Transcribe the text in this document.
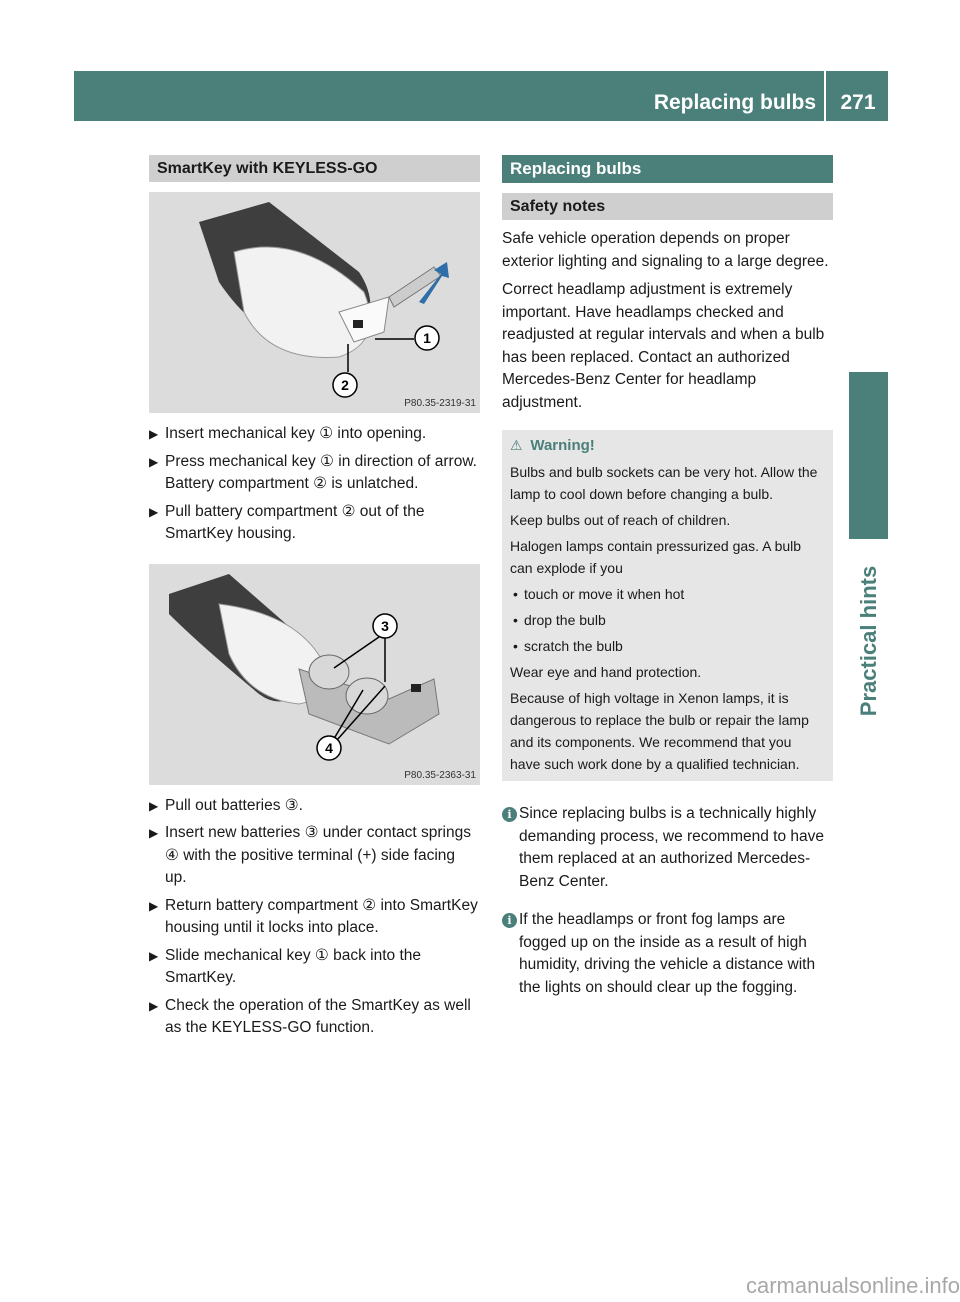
Replacing bulbs	271
Practical hints
SmartKey with KEYLESS-GO
1
2
P80.35-2319-31
▶ Insert mechanical key ① into opening.
▶ Press mechanical key ① in direction of arrow.
Battery compartment ② is unlatched.
▶ Pull battery compartment ② out of the SmartKey housing.
3
4
P80.35-2363-31
▶ Pull out batteries ③.
▶ Insert new batteries ③ under contact springs ④ with the positive terminal (+) side facing up.
▶ Return battery compartment ② into SmartKey housing until it locks into place.
▶ Slide mechanical key ① back into the SmartKey.
▶ Check the operation of the SmartKey as well as the KEYLESS-GO function.
Replacing bulbs
Safety notes

Safe vehicle operation depends on proper exterior lighting and signaling to a large degree.

Correct headlamp adjustment is extremely important. Have headlamps checked and readjusted at regular intervals and when a bulb has been replaced. Contact an authorized Mercedes-Benz Center for headlamp adjustment.

⚠ Warning!

Bulbs and bulb sockets can be very hot. Allow the lamp to cool down before changing a bulb.

Keep bulbs out of reach of children.

Halogen lamps contain pressurized gas. A bulb can explode if you

• touch or move it when hot

• drop the bulb

• scratch the bulb

Wear eye and hand protection.

Because of high voltage in Xenon lamps, it is dangerous to replace the bulb or repair the lamp and its components. We recommend that you have such work done by a qualified technician.

i Since replacing bulbs is a technically highly demanding process, we recommend to have them replaced at an authorized Mercedes-Benz Center.
i If the headlamps or front fog lamps are fogged up on the inside as a result of high humidity, driving the vehicle a distance with the lights on should clear up the fogging.
carmanualsonline.info
